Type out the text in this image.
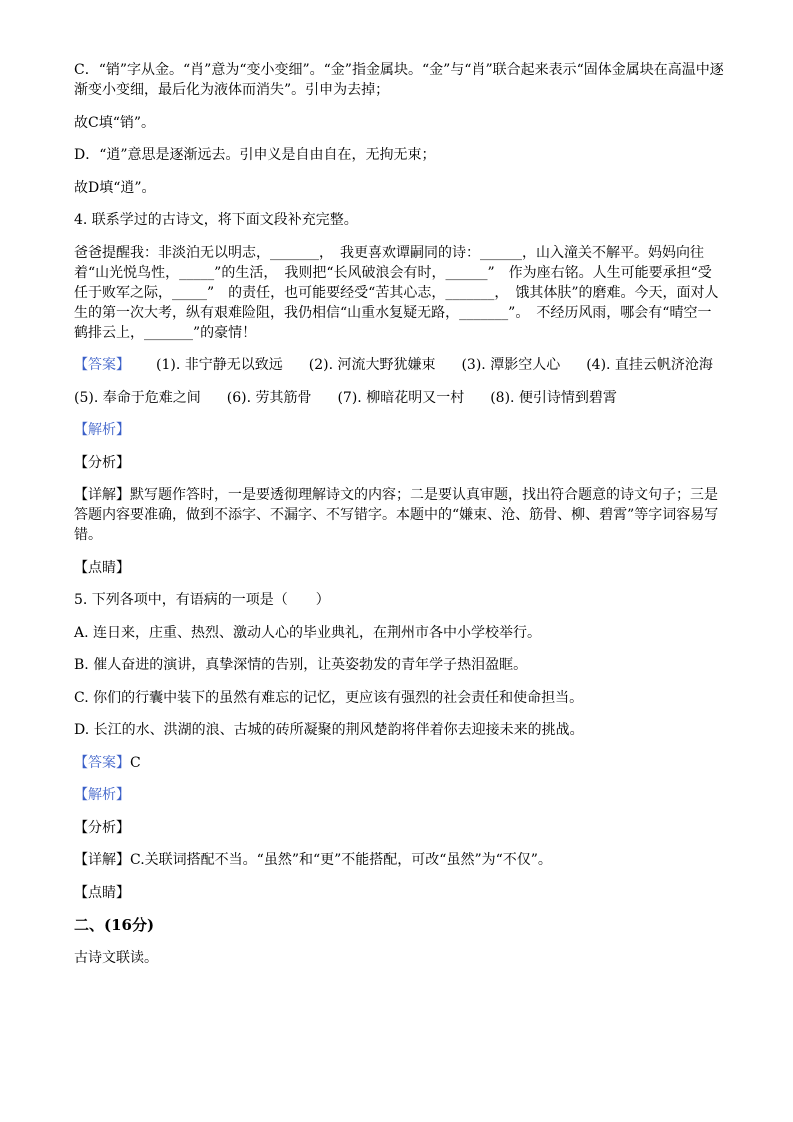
C．“销”字从金。“肖”意为“变小变细”。“金”指金属块。“金”与“肖”联合起来表示“固体金属块在高温中逐渐变小变细，最后化为液体而消失”。引申为去掉；

故C填“销”。

D．“逍”意思是逐渐远去。引申义是自由自在，无拘无束；

故D填“逍”。

4. 联系学过的古诗文，将下面文段补充完整。

爸爸提醒我：非淡泊无以明志，_______，　我更喜欢谭嗣同的诗：______，山入潼关不解平。妈妈向往着“山光悦鸟性，_____”的生活，　我则把“长风破浪会有时，______”　作为座右铭。人生可能要承担“受任于败军之际，_____”　的责任，也可能要经受“苦其心志，_______，　饿其体肤”的磨难。今天，面对人生的第一次大考，纵有艰难险阻，我仍相信“山重水复疑无路，_______”。　不经历风雨，哪会有“晴空一鹤排云上，_______”的豪情！

【答案】 (1). 非宁静无以致远 (2). 河流大野犹嫌束 (3). 潭影空人心 (4). 直挂云帆济沧海

(5). 奉命于危难之间 (6). 劳其筋骨 (7). 柳暗花明又一村 (8). 便引诗情到碧霄

【解析】

【分析】

【详解】默写题作答时，一是要透彻理解诗文的内容；二是要认真审题，找出符合题意的诗文句子；三是答题内容要准确，做到不添字、不漏字、不写错字。本题中的“嫌束、沧、筋骨、柳、碧霄”等字词容易写错。

【点睛】

5. 下列各项中，有语病的一项是（　　）

A. 连日来，庄重、热烈、激动人心的毕业典礼，在荆州市各中小学校举行。

B. 催人奋进的演讲，真挚深情的告别，让英姿勃发的青年学子热泪盈眶。

C. 你们的行囊中装下的虽然有难忘的记忆，更应该有强烈的社会责任和使命担当。

D. 长江的水、洪湖的浪、古城的砖所凝聚的荆风楚韵将伴着你去迎接未来的挑战。

【答案】C

【解析】

【分析】

【详解】C.关联词搭配不当。“虽然”和“更”不能搭配，可改“虽然”为“不仅”。

【点睛】

二、(16分)

古诗文联读。
